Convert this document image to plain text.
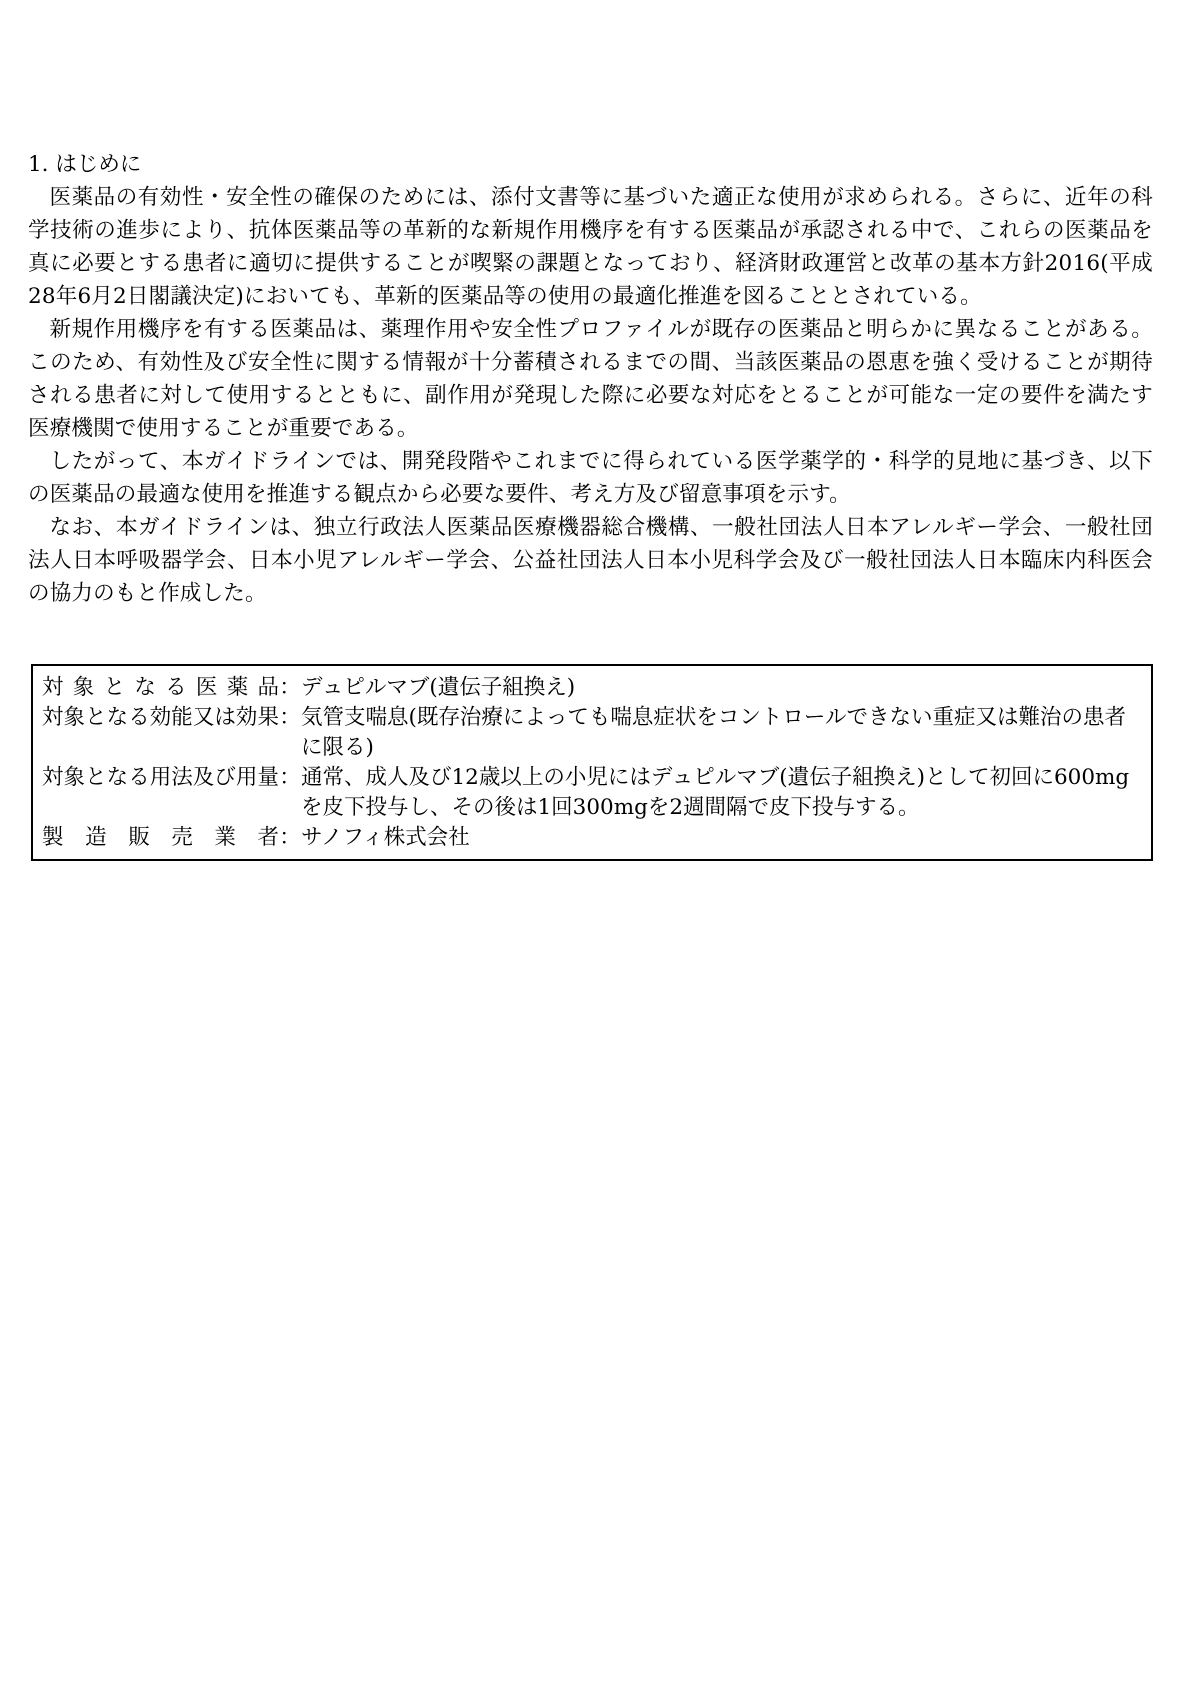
1. はじめに

医薬品の有効性・安全性の確保のためには、添付文書等に基づいた適正な使用が求められる。さらに、近年の科学技術の進歩により、抗体医薬品等の革新的な新規作用機序を有する医薬品が承認される中で、これらの医薬品を真に必要とする患者に適切に提供することが喫緊の課題となっており、経済財政運営と改革の基本方針2016(平成28年6月2日閣議決定)においても、革新的医薬品等の使用の最適化推進を図ることとされている。

新規作用機序を有する医薬品は、薬理作用や安全性プロファイルが既存の医薬品と明らかに異なることがある。このため、有効性及び安全性に関する情報が十分蓄積されるまでの間、当該医薬品の恩恵を強く受けることが期待される患者に対して使用するとともに、副作用が発現した際に必要な対応をとることが可能な一定の要件を満たす医療機関で使用することが重要である。

したがって、本ガイドラインでは、開発段階やこれまでに得られている医学薬学的・科学的見地に基づき、以下の医薬品の最適な使用を推進する観点から必要な要件、考え方及び留意事項を示す。

なお、本ガイドラインは、独立行政法人医薬品医療機器総合機構、一般社団法人日本アレルギー学会、一般社団法人日本呼吸器学会、日本小児アレルギー学会、公益社団法人日本小児科学会及び一般社団法人日本臨床内科医会の協力のもと作成した。

対象となる医薬品 ： デュピルマブ(遺伝子組換え)
対象となる効能又は効果 ： 気管支喘息(既存治療によっても喘息症状をコントロールできない重症又は難治の患者に限る)
対象となる用法及び用量 ： 通常、成人及び12歳以上の小児にはデュピルマブ(遺伝子組換え)として初回に600mgを皮下投与し、その後は1回300mgを2週間隔で皮下投与する。
製造販売業者 ： サノフィ株式会社
